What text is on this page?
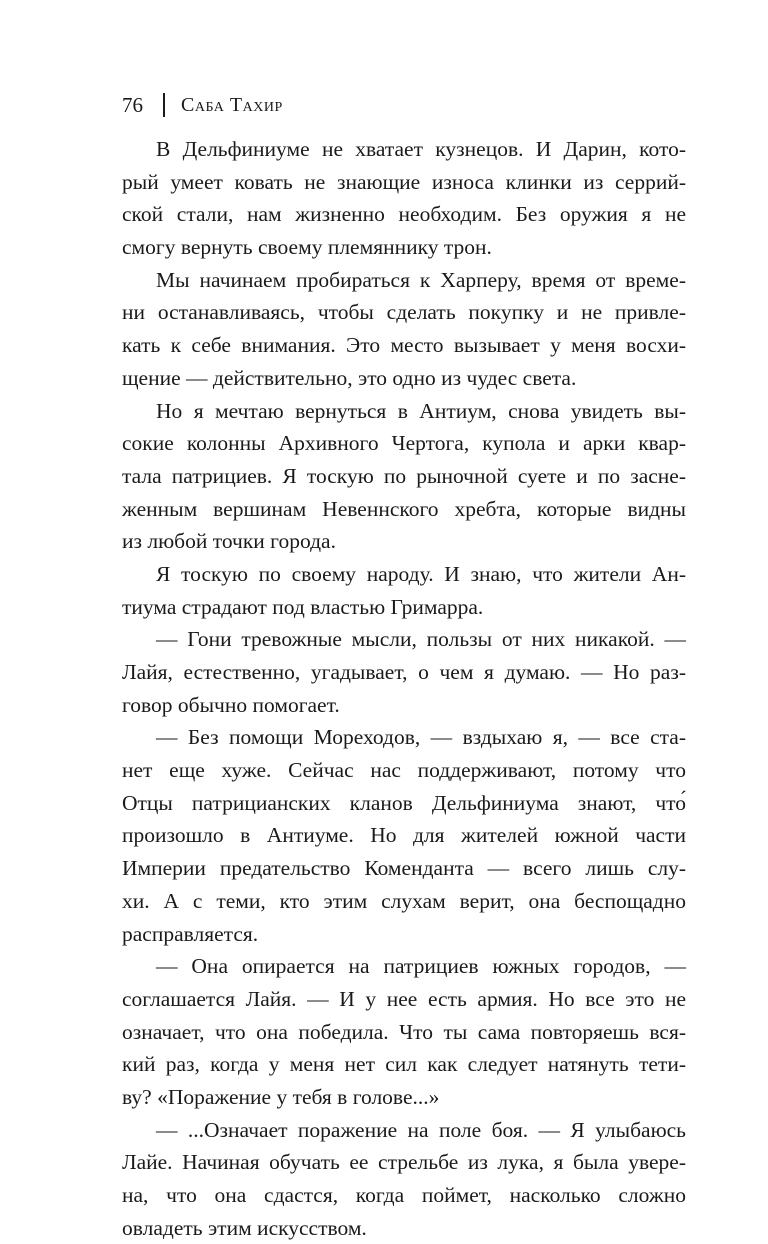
76 Саба Тахир
В Дельфиниуме не хватает кузнецов. И Дарин, кото-
рый умеет ковать не знающие износа клинки из серрий-
ской стали, нам жизненно необходим. Без оружия я не
смогу вернуть своему племяннику трон.
Мы начинаем пробираться к Харперу, время от време-
ни останавливаясь, чтобы сделать покупку и не привле-
кать к себе внимания. Это место вызывает у меня восхи-
щение — действительно, это одно из чудес света.
Но я мечтаю вернуться в Антиум, снова увидеть вы-
сокие колонны Архивного Чертога, купола и арки квар-
тала патрициев. Я тоскую по рыночной суете и по засне-
женным вершинам Невеннского хребта, которые видны
из любой точки города.
Я тоскую по своему народу. И знаю, что жители Ан-
тиума страдают под властью Гримарра.
— Гони тревожные мысли, пользы от них никакой. —
Лайя, естественно, угадывает, о чем я думаю. — Но раз-
говор обычно помогает.
— Без помощи Мореходов, — вздыхаю я, — все ста-
нет еще хуже. Сейчас нас поддерживают, потому что
Отцы патрицианских кланов Дельфиниума знают, что́
произошло в Антиуме. Но для жителей южной части
Империи предательство Коменданта — всего лишь слу-
хи. А с теми, кто этим слухам верит, она беспощадно
расправляется.
— Она опирается на патрициев южных городов, —
соглашается Лайя. — И у нее есть армия. Но все это не
означает, что она победила. Что ты сама повторяешь вся-
кий раз, когда у меня нет сил как следует натянуть тети-
ву? «Поражение у тебя в голове...»
— ...Означает поражение на поле боя. — Я улыбаюсь
Лайе. Начиная обучать ее стрельбе из лука, я была увере-
на, что она сдастся, когда поймет, насколько сложно
овладеть этим искусством.
